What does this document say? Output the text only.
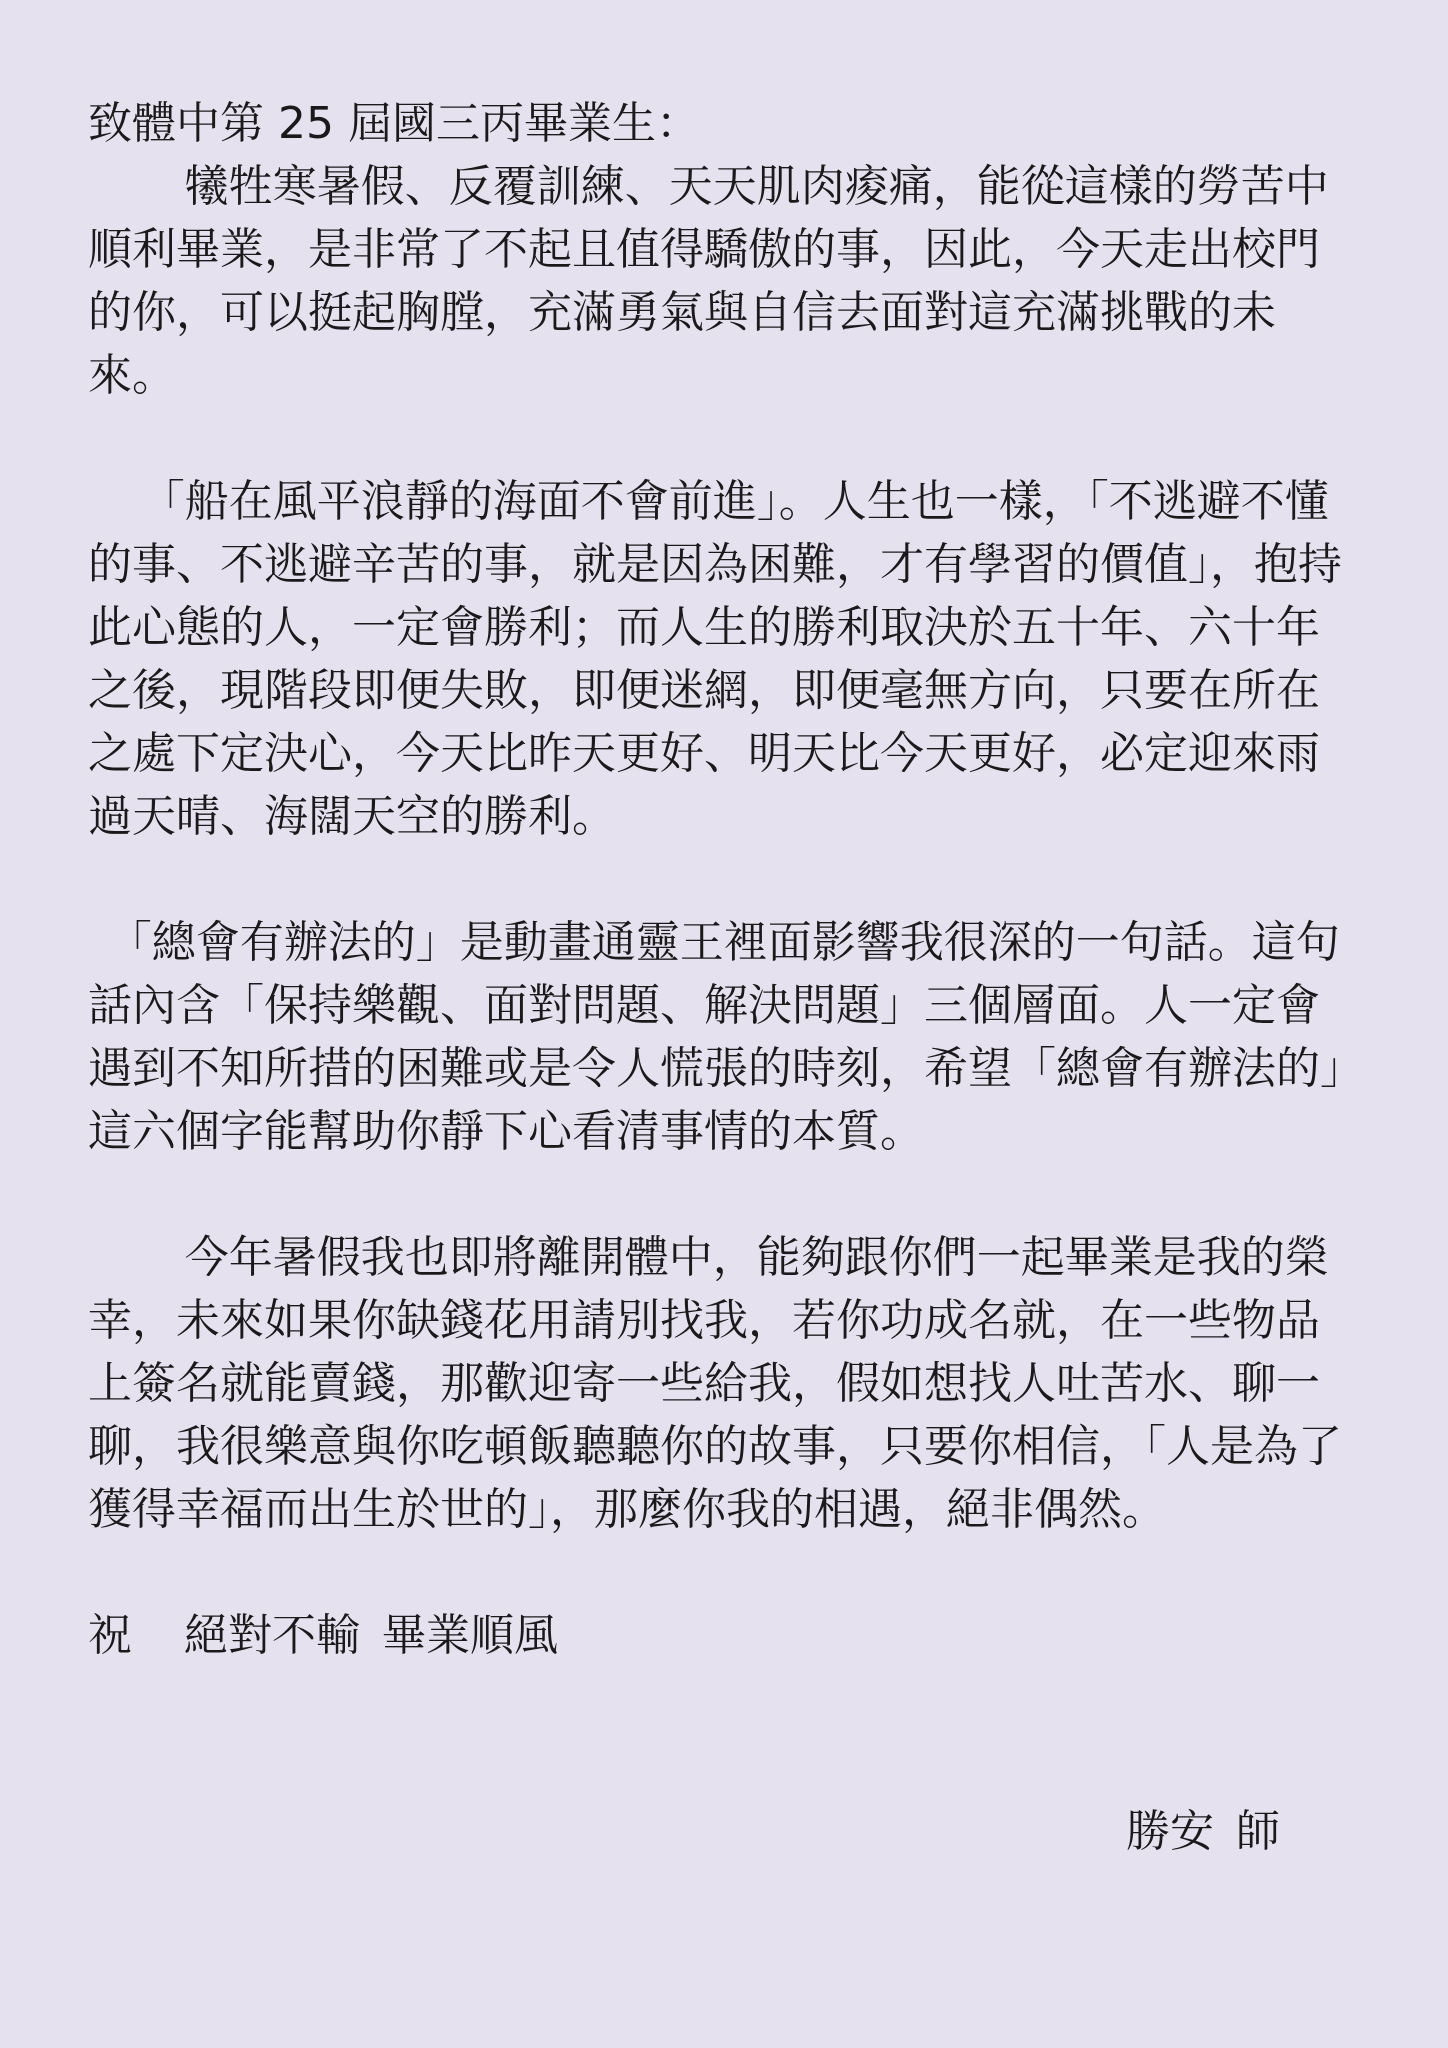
致體中第 25 屆國三丙畢業生：

犧牲寒暑假、反覆訓練、天天肌肉痠痛，能從這樣的勞苦中順利畢業，是非常了不起且值得驕傲的事，因此，今天走出校門的你，可以挺起胸膛，充滿勇氣與自信去面對這充滿挑戰的未來。

「船在風平浪靜的海面不會前進」。人生也一樣，「不逃避不懂的事、不逃避辛苦的事，就是因為困難，才有學習的價值」，抱持此心態的人，一定會勝利；而人生的勝利取決於五十年、六十年之後，現階段即便失敗，即便迷網，即便毫無方向，只要在所在之處下定決心，今天比昨天更好、明天比今天更好，必定迎來雨過天晴、海闊天空的勝利。

「總會有辦法的」是動畫通靈王裡面影響我很深的一句話。這句話內含「保持樂觀、面對問題、解決問題」三個層面。人一定會遇到不知所措的困難或是令人慌張的時刻，希望「總會有辦法的」這六個字能幫助你靜下心看清事情的本質。

今年暑假我也即將離開體中，能夠跟你們一起畢業是我的榮幸，未來如果你缺錢花用請別找我，若你功成名就，在一些物品上簽名就能賣錢，那歡迎寄一些給我，假如想找人吐苦水、聊一聊，我很樂意與你吃頓飯聽聽你的故事，只要你相信，「人是為了獲得幸福而出生於世的」，那麼你我的相遇，絕非偶然。

祝	絕對不輸 畢業順風

勝安 師
